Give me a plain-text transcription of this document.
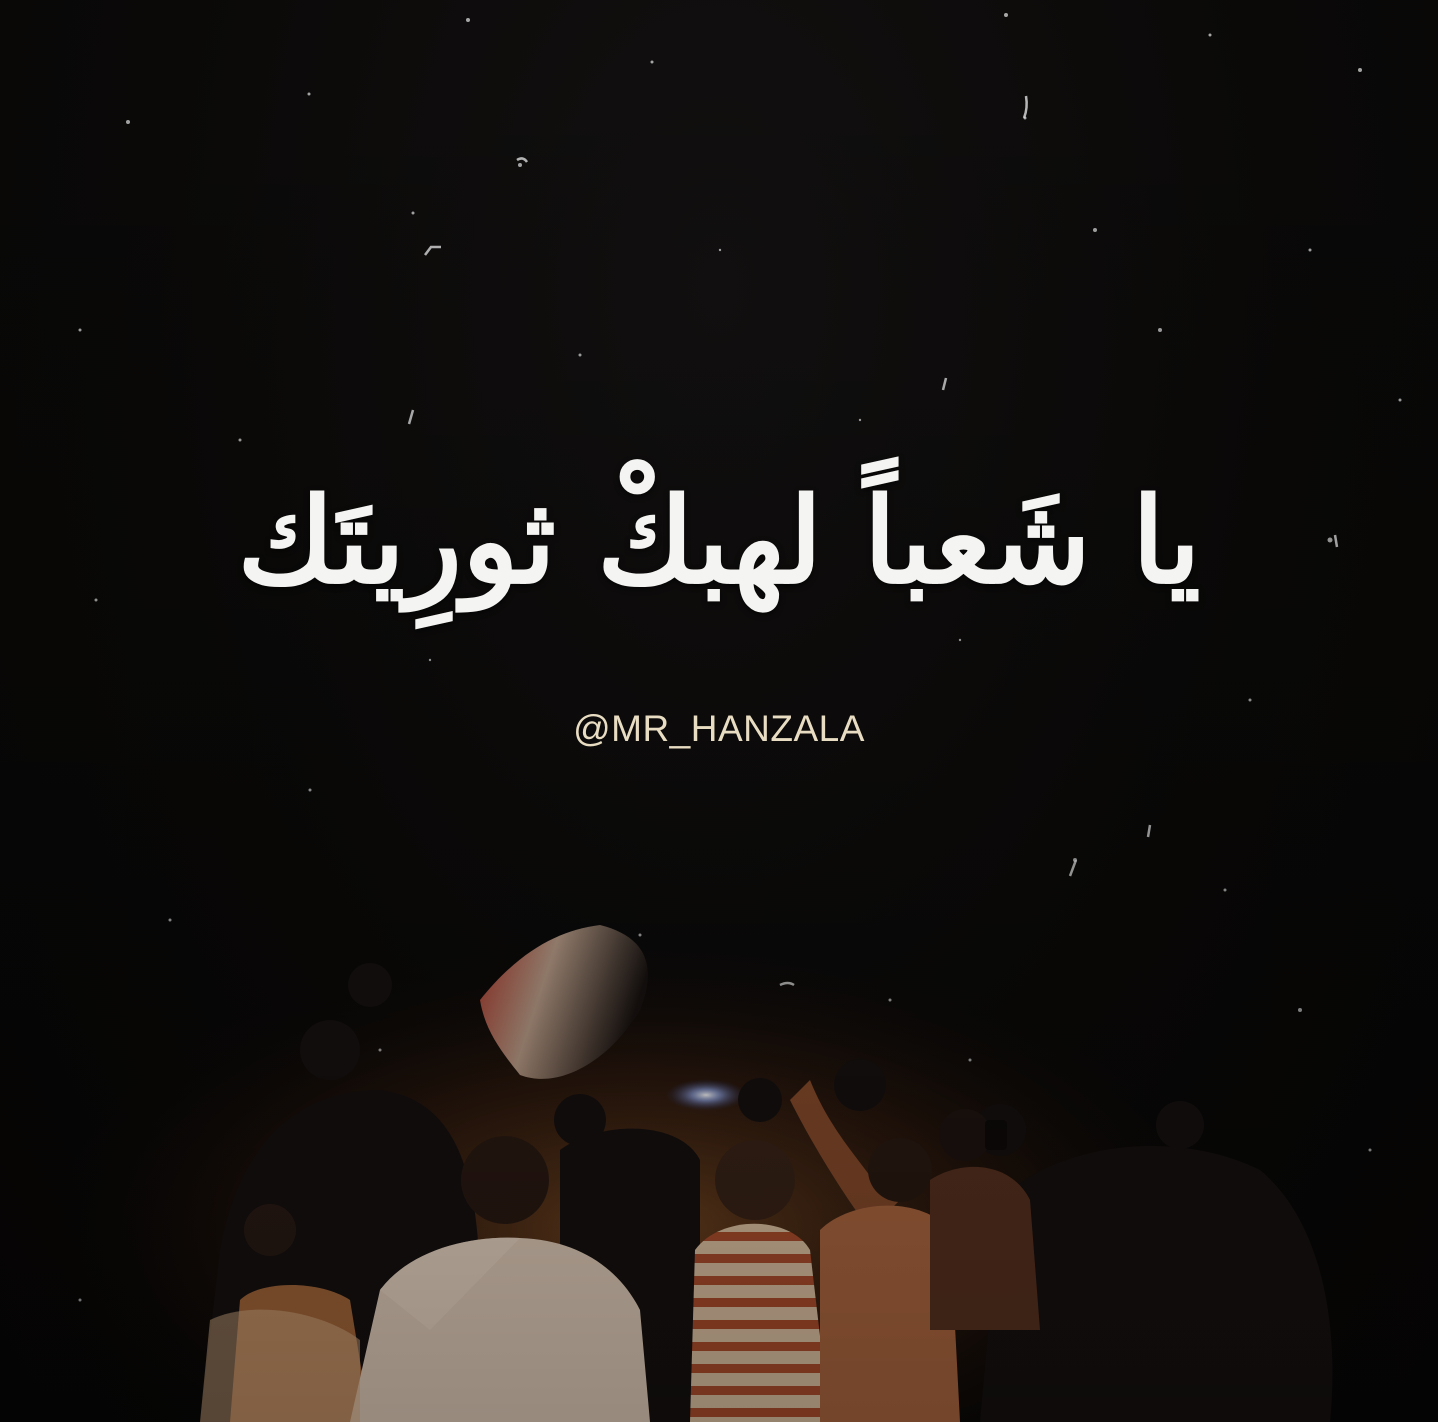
يا شَعباً لهبكْ ثورِيتَك

@MR_HANZALA
